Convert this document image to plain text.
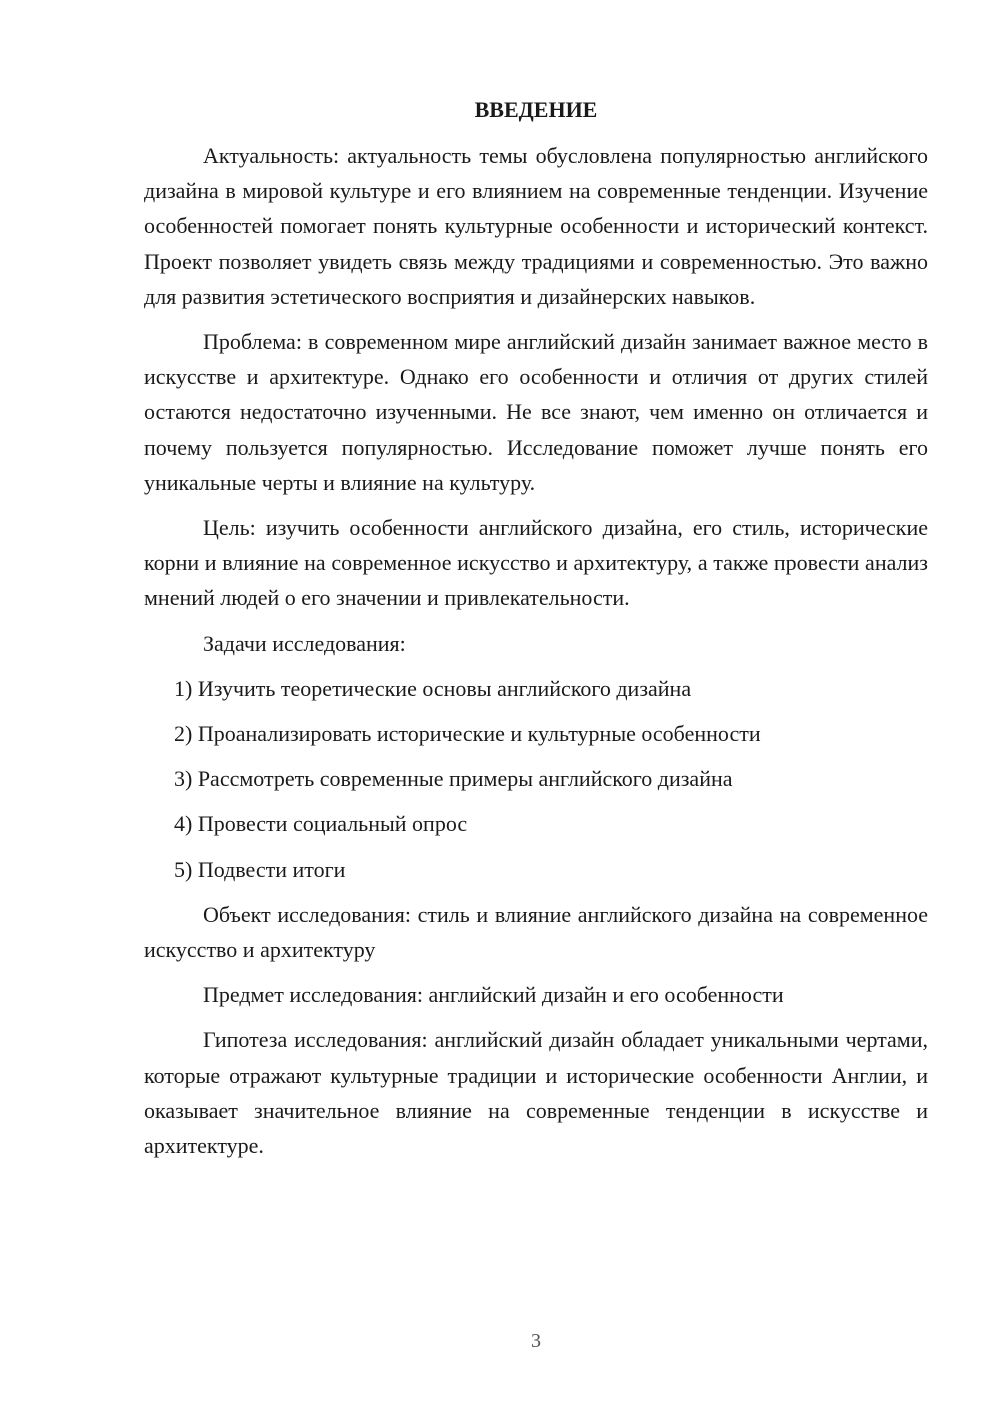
ВВЕДЕНИЕ

Актуальность: актуальность темы обусловлена популярностью английского дизайна в мировой культуре и его влиянием на современные тенденции. Изучение особенностей помогает понять культурные особенности и исторический контекст. Проект позволяет увидеть связь между традициями и современностью. Это важно для развития эстетического восприятия и дизайнерских навыков.

Проблема: в современном мире английский дизайн занимает важное место в искусстве и архитектуре. Однако его особенности и отличия от других стилей остаются недостаточно изученными. Не все знают, чем именно он отличается и почему пользуется популярностью. Исследование поможет лучше понять его уникальные черты и влияние на культуру.

Цель: изучить особенности английского дизайна, его стиль, исторические корни и влияние на современное искусство и архитектуру, а также провести анализ мнений людей о его значении и привлекательности.

Задачи исследования:

1) Изучить теоретические основы английского дизайна
2) Проанализировать исторические и культурные особенности
3) Рассмотреть современные примеры английского дизайна
4) Провести социальный опрос
5) Подвести итоги

Объект исследования: стиль и влияние английского дизайна на современное искусство и архитектуру

Предмет исследования: английский дизайн и его особенности

Гипотеза исследования: английский дизайн обладает уникальными чертами, которые отражают культурные традиции и исторические особенности Англии, и оказывает значительное влияние на современные тенденции в искусстве и архитектуре.

3
